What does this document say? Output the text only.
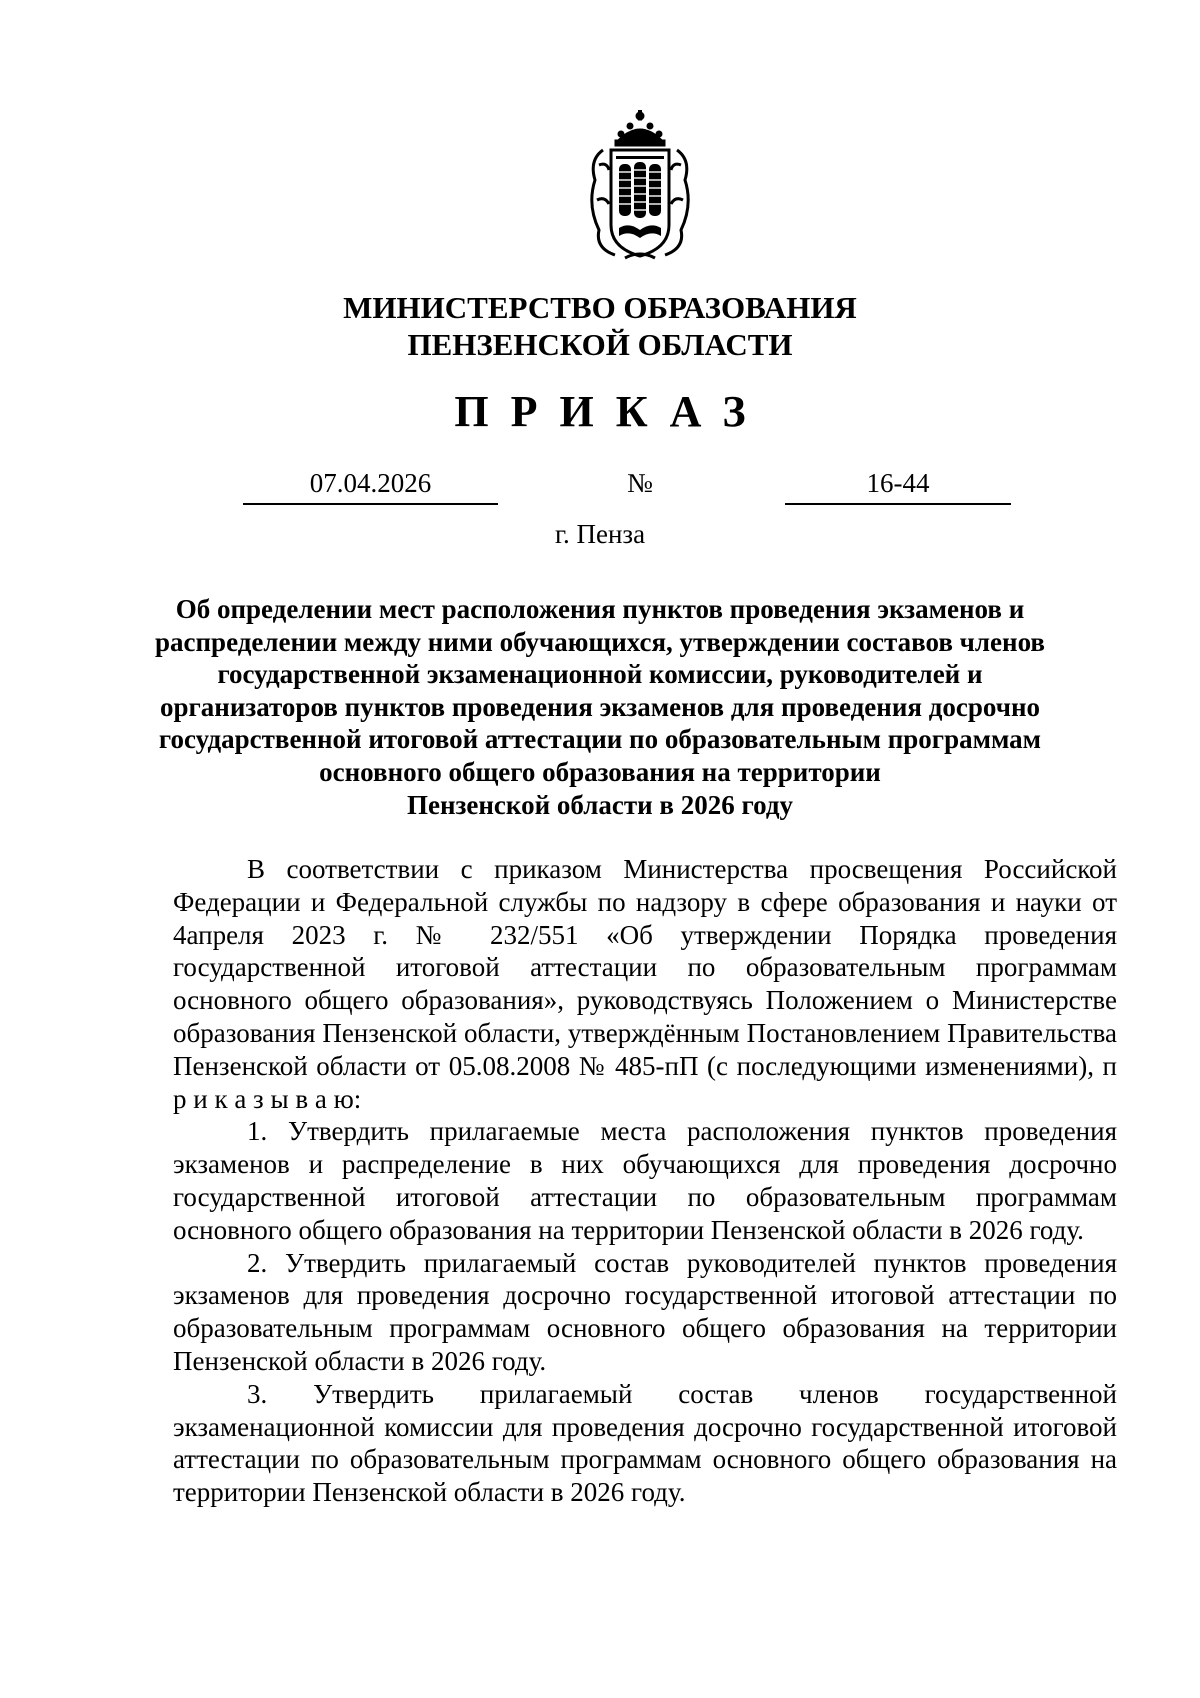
МИНИСТЕРСТВО ОБРАЗОВАНИЯ
ПЕНЗЕНСКОЙ ОБЛАСТИ
ПРИКАЗ
07.04.2026	№	16-44
г. Пенза
Об определении мест расположения пунктов проведения экзаменов и
распределении между ними обучающихся, утверждении составов членов
государственной экзаменационной комиссии, руководителей и
организаторов пунктов проведения экзаменов для проведения досрочно
государственной итоговой аттестации по образовательным программам
основного общего образования на территории
Пензенской области в 2026 году

В соответствии с приказом Министерства просвещения Российской Федерации и Федеральной службы по надзору в сфере образования и науки от 4апреля 2023 г. № 232/551 «Об утверждении Порядка проведения государственной итоговой аттестации по образовательным программам основного общего образования», руководствуясь Положением о Министерстве образования Пензенской области, утверждённым Постановлением Правительства Пензенской области от 05.08.2008 № 485-пП (с последующими изменениями), п р и к а з ы в а ю:

1. Утвердить прилагаемые места расположения пунктов проведения экзаменов и распределение в них обучающихся для проведения досрочно государственной итоговой аттестации по образовательным программам основного общего образования на территории Пензенской области в 2026 году.

2. Утвердить прилагаемый состав руководителей пунктов проведения экзаменов для проведения досрочно государственной итоговой аттестации по образовательным программам основного общего образования на территории Пензенской области в 2026 году.

3. Утвердить прилагаемый состав членов государственной экзаменационной комиссии для проведения досрочно государственной итоговой аттестации по образовательным программам основного общего образования на территории Пензенской области в 2026 году.
